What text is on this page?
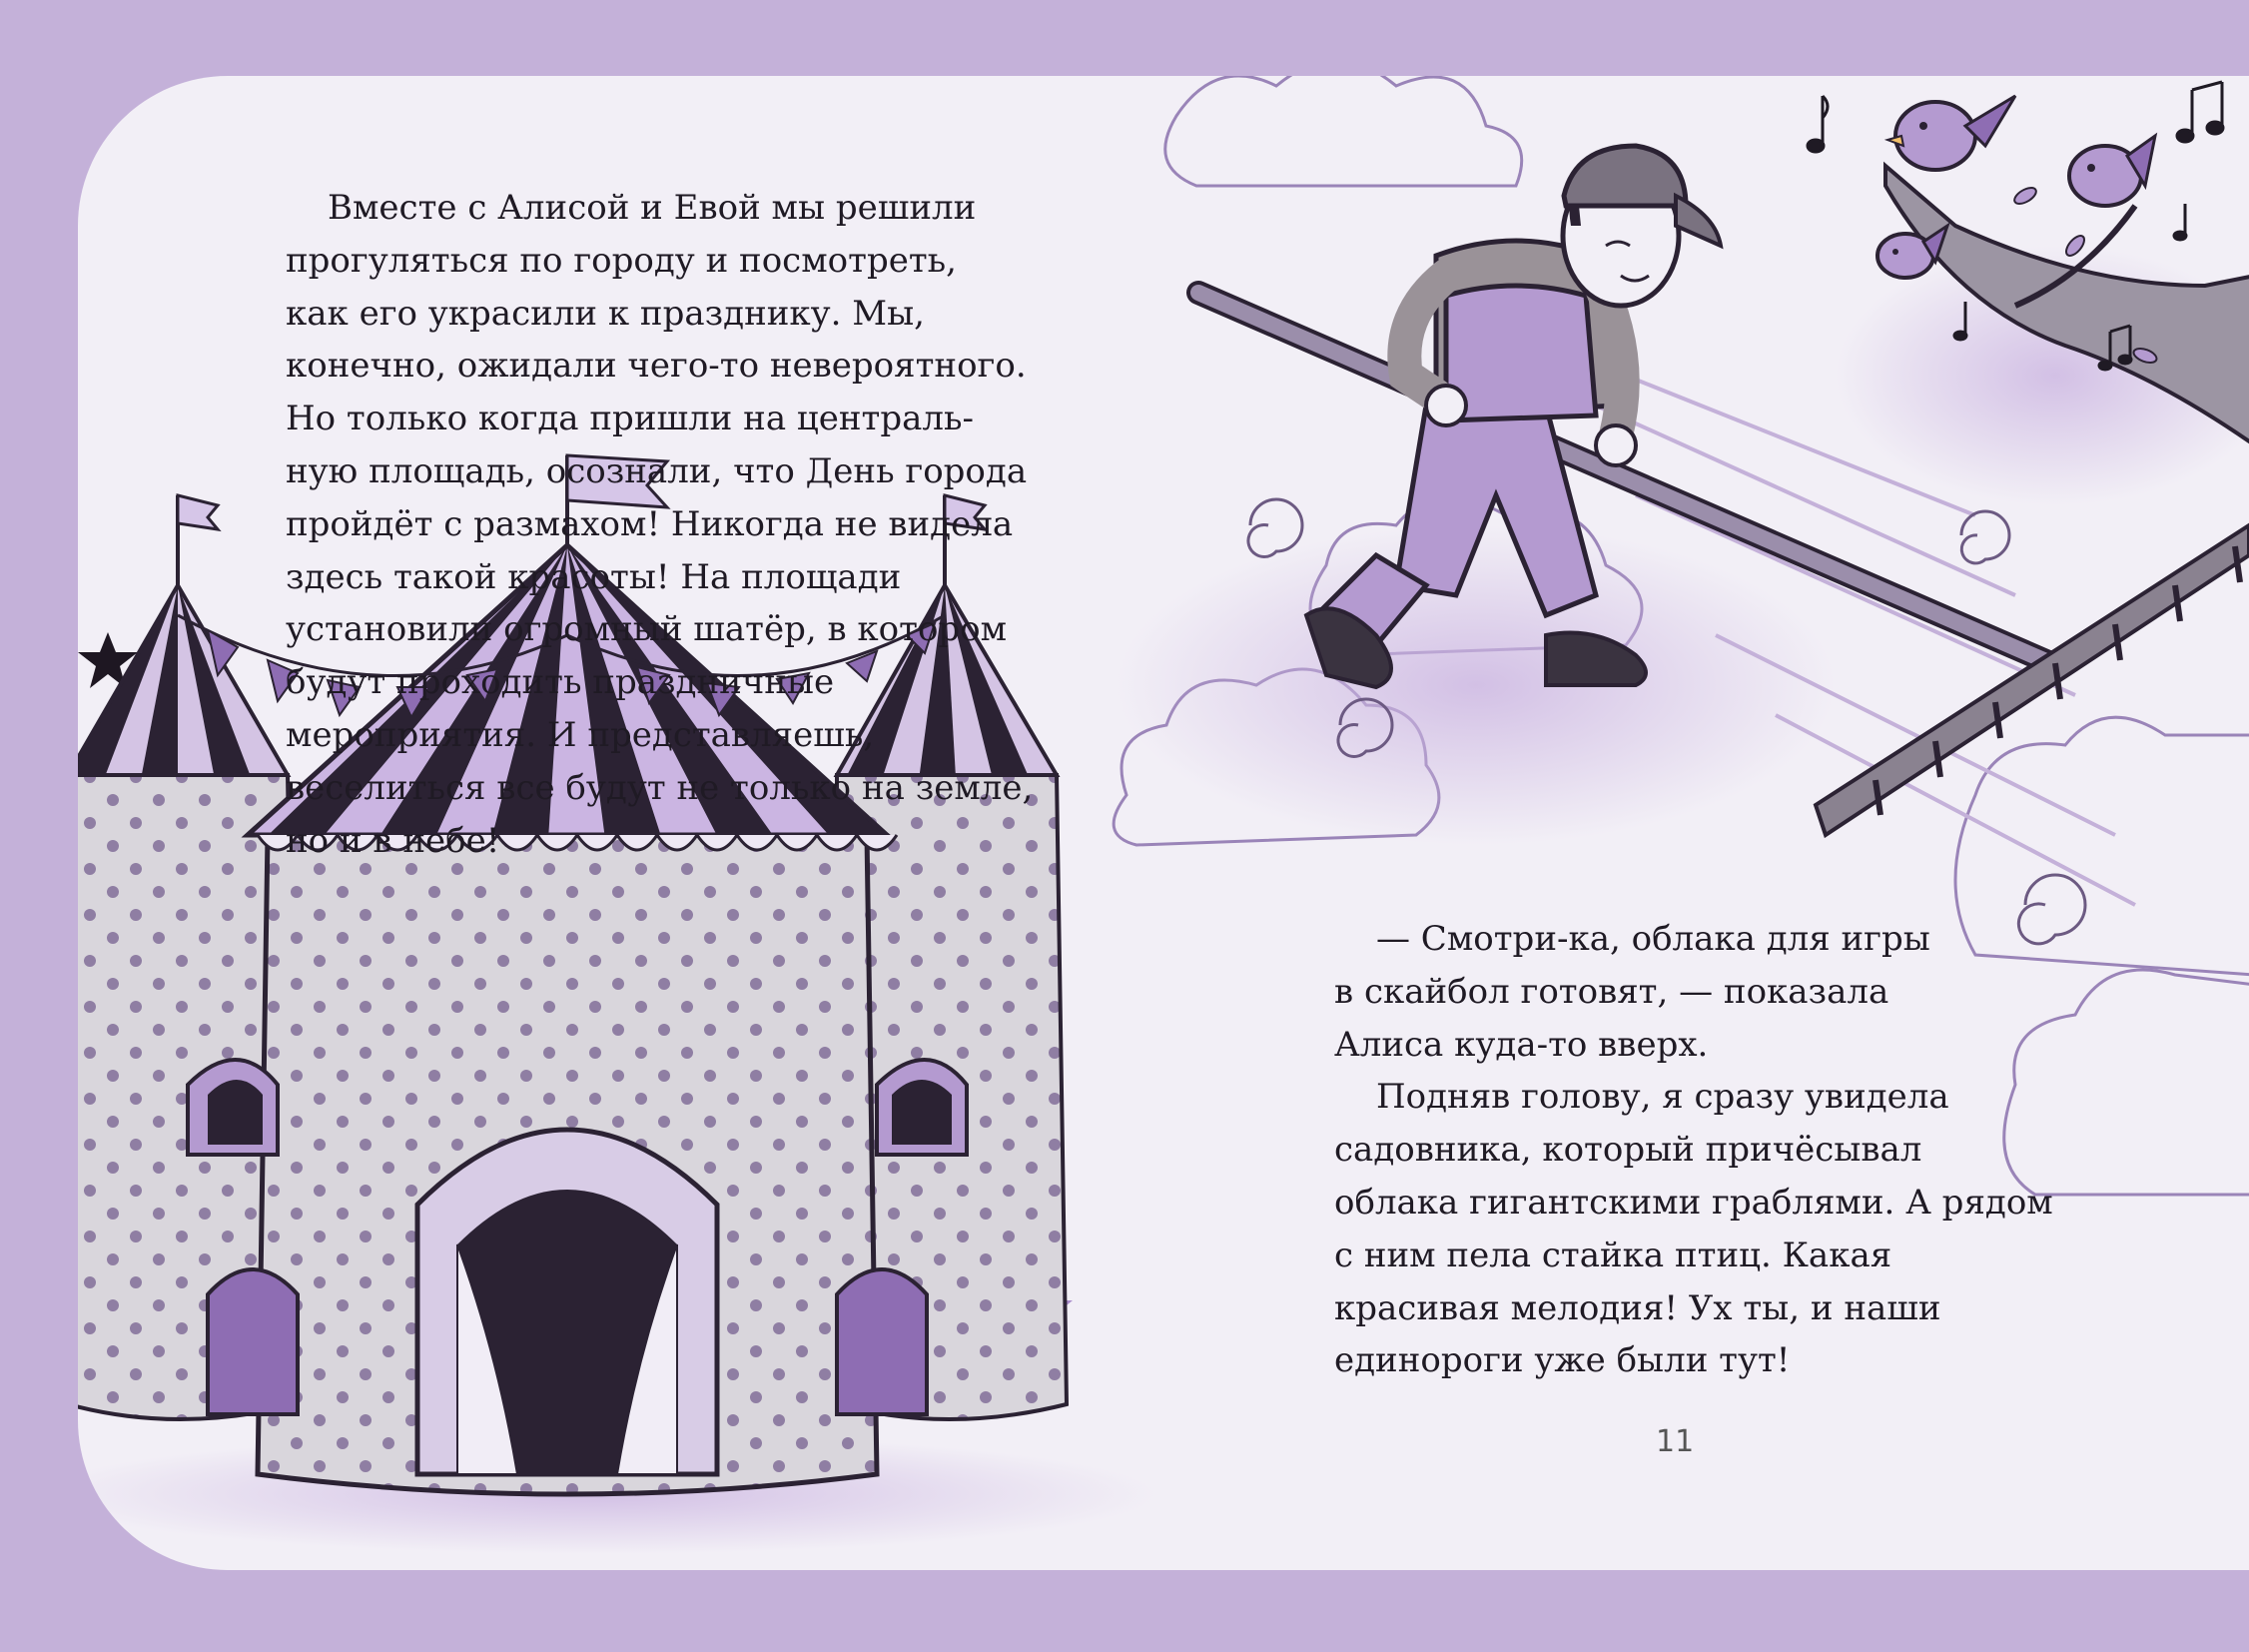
Вместе с Алисой и Евой мы решили
прогуляться по городу и посмотреть,
как его украсили к празднику. Мы,
конечно, ожидали чего-то невероятного.
Но только когда пришли на централь-
ную площадь, осознали, что День города
пройдёт с размахом! Никогда не видела
здесь такой красоты! На площади
установили огромный шатёр, в котором
будут проходить праздничные
мероприятия. И представляешь,
веселиться все будут не только на земле,
но и в небе!

— Смотри-ка, облака для игры
в скайбол готовят, — показала
Алиса куда-то вверх.

Подняв голову, я сразу увидела
садовника, который причёсывал
облака гигантскими граблями. А рядом
с ним пела стайка птиц. Какая
красивая мелодия! Ух ты, и наши
единороги уже были тут!

11
